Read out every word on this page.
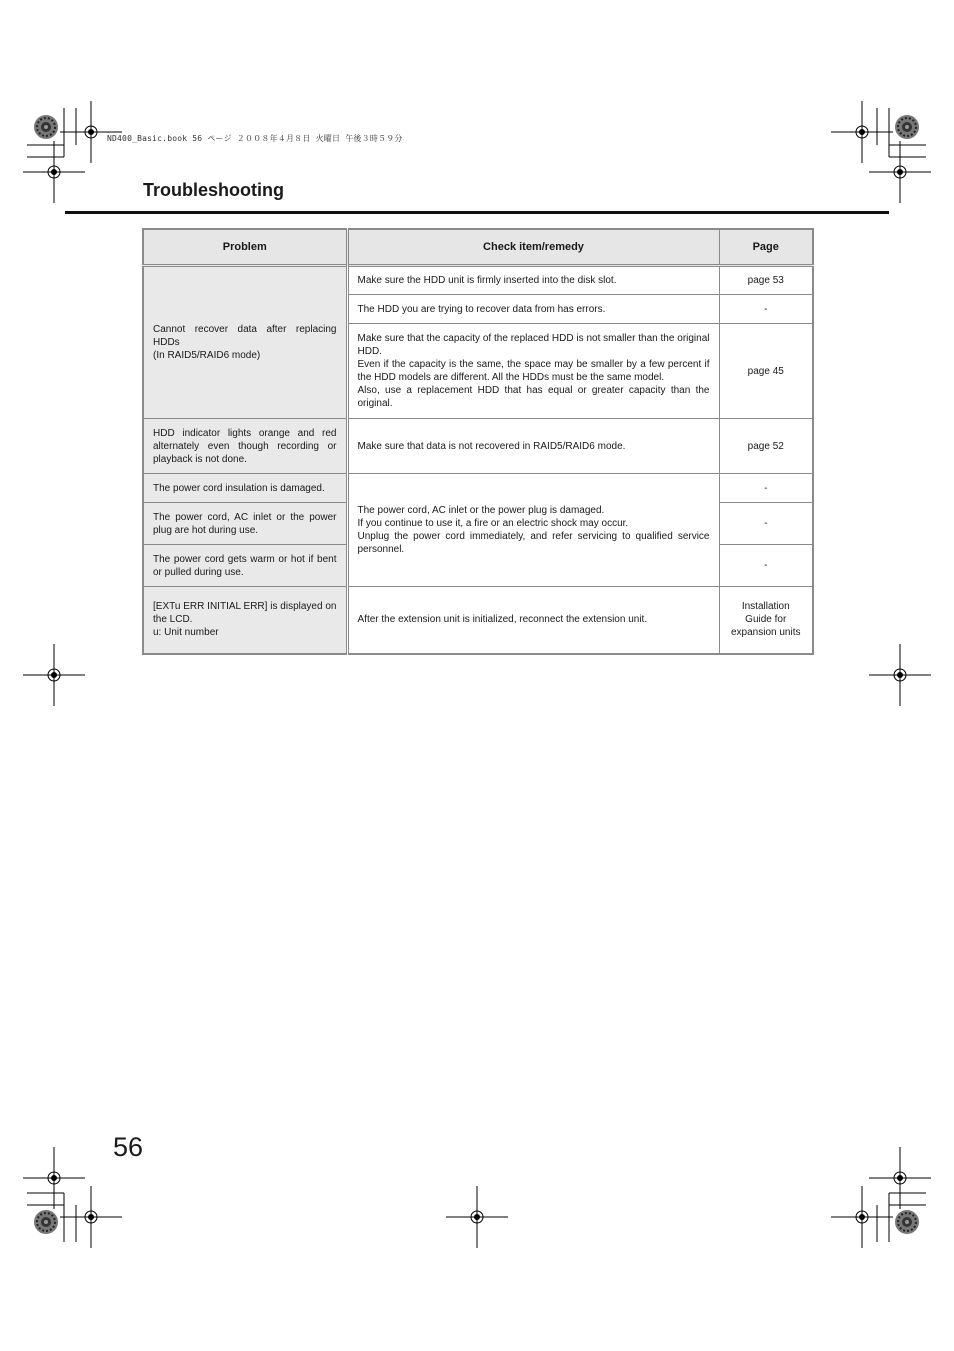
ND400_Basic.book 56 ページ ２００８年４月８日 火曜日 午後３時５９分
Troubleshooting
Problem	Check item/remedy	Page

Cannot recover data after replacing HDDs
(In RAID5/RAID6 mode)	Make sure the HDD unit is firmly inserted into the disk slot.	page 53
	The HDD you are trying to recover data from has errors.	-

	Make sure that the capacity of the replaced HDD is not smaller than the original HDD.
Even if the capacity is the same, the space may be smaller by a few percent if the HDD models are different. All the HDDs must be the same model.
Also, use a replacement HDD that has equal or greater capacity than the original.	page 45
HDD indicator lights orange and red alternately even though recording or playback is not done.	Make sure that data is not recovered in RAID5/RAID6 mode.	page 52
The power cord insulation is damaged.	The power cord, AC inlet or the power plug is damaged.
If you continue to use it, a fire or an electric shock may occur.
Unplug the power cord immediately, and refer servicing to qualified service personnel.	-
The power cord, AC inlet or the power plug are hot during use.		-
The power cord gets warm or hot if bent or pulled during use.		-

[EXTu ERR INITIAL ERR] is displayed on the LCD.
u: Unit number	After the extension unit is initialized, reconnect the extension unit.	Installation Guide for expansion units
56
